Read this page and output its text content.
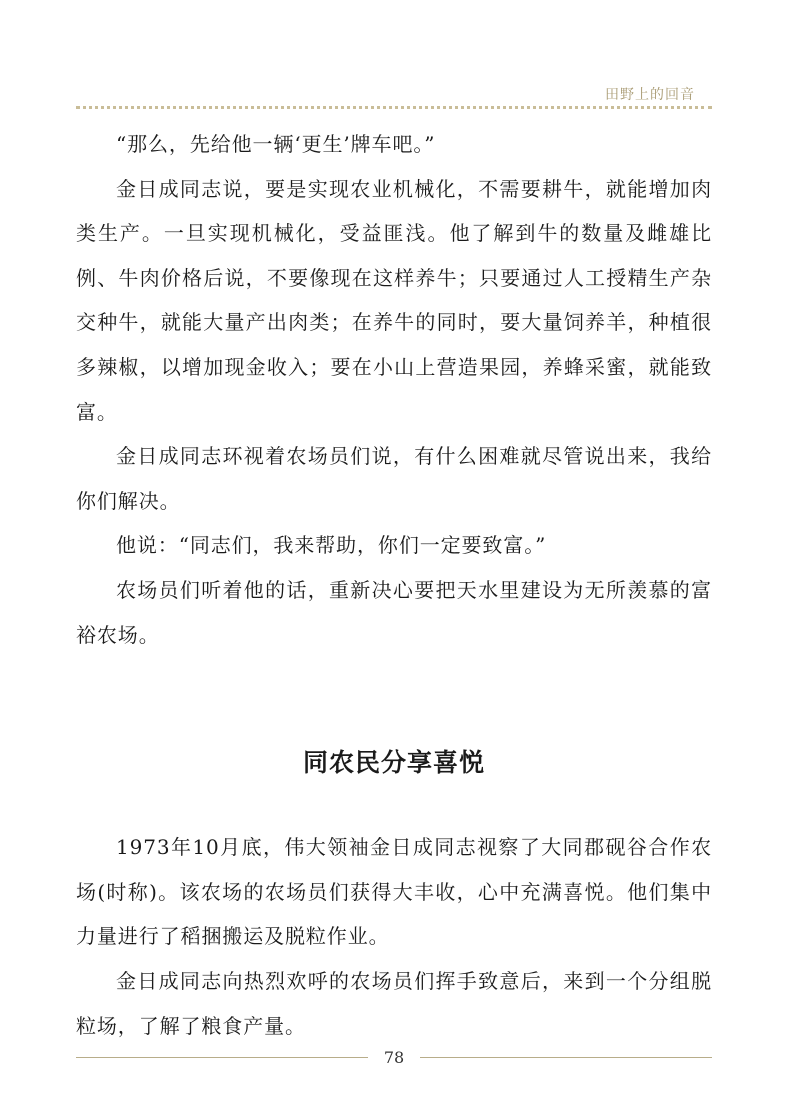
田野上的回音

“那么，先给他一辆‘更生’牌车吧。”

金日成同志说，要是实现农业机械化，不需要耕牛，就能增加肉类生产。一旦实现机械化，受益匪浅。他了解到牛的数量及雌雄比例、牛肉价格后说，不要像现在这样养牛；只要通过人工授精生产杂交种牛，就能大量产出肉类；在养牛的同时，要大量饲养羊，种植很多辣椒，以增加现金收入；要在小山上营造果园，养蜂采蜜，就能致富。

金日成同志环视着农场员们说，有什么困难就尽管说出来，我给你们解决。

他说：“同志们，我来帮助，你们一定要致富。”

农场员们听着他的话，重新决心要把天水里建设为无所羡慕的富裕农场。

同农民分享喜悦

1973年10月底，伟大领袖金日成同志视察了大同郡砚谷合作农场(时称)。该农场的农场员们获得大丰收，心中充满喜悦。他们集中力量进行了稻捆搬运及脱粒作业。

金日成同志向热烈欢呼的农场员们挥手致意后，来到一个分组脱粒场，了解了粮食产量。

78
